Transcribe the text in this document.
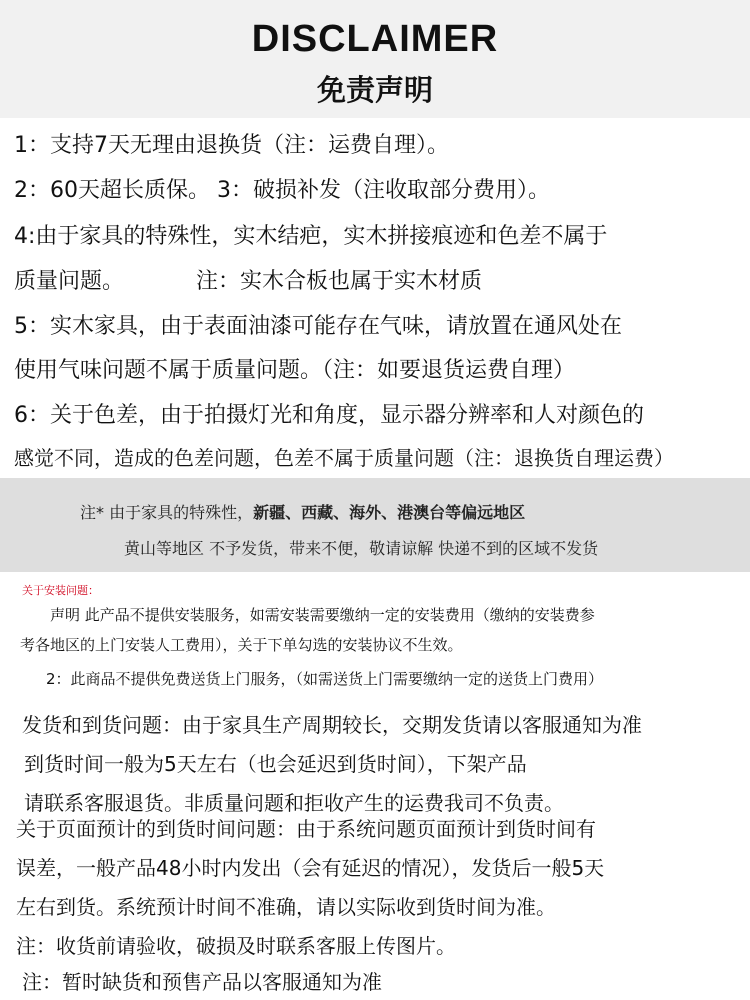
DISCLAIMER
免责声明
1：支持7天无理由退换货（注：运费自理）。
2：60天超长质保。 3：破损补发（注收取部分费用）。
4:由于家具的特殊性，实木结疤，实木拼接痕迹和色差不属于
质量问题。	注：实木合板也属于实木材质
5：实木家具，由于表面油漆可能存在气味，请放置在通风处在
使用气味问题不属于质量问题。（注：如要退货运费自理）
6：关于色差，由于拍摄灯光和角度，显示器分辨率和人对颜色的
感觉不同，造成的色差问题，色差不属于质量问题（注：退换货自理运费）
注* 由于家具的特殊性，新疆、西藏、海外、港澳台等偏远地区
黄山等地区 不予发货，带来不便，敬请谅解 快递不到的区域不发货
关于安装问题：
声明 此产品不提供安装服务，如需安装需要缴纳一定的安装费用（缴纳的安装费参
考各地区的上门安装人工费用），关于下单勾选的安装协议不生效。
2：此商品不提供免费送货上门服务，（如需送货上门需要缴纳一定的送货上门费用）
发货和到货问题：由于家具生产周期较长，交期发货请以客服通知为准
到货时间一般为5天左右（也会延迟到货时间），下架产品
请联系客服退货。非质量问题和拒收产生的运费我司不负责。
关于页面预计的到货时间问题：由于系统问题页面预计到货时间有
误差，一般产品48小时内发出（会有延迟的情况），发货后一般5天
左右到货。系统预计时间不准确，请以实际收到货时间为准。
注：收货前请验收，破损及时联系客服上传图片。
注：暂时缺货和预售产品以客服通知为准
